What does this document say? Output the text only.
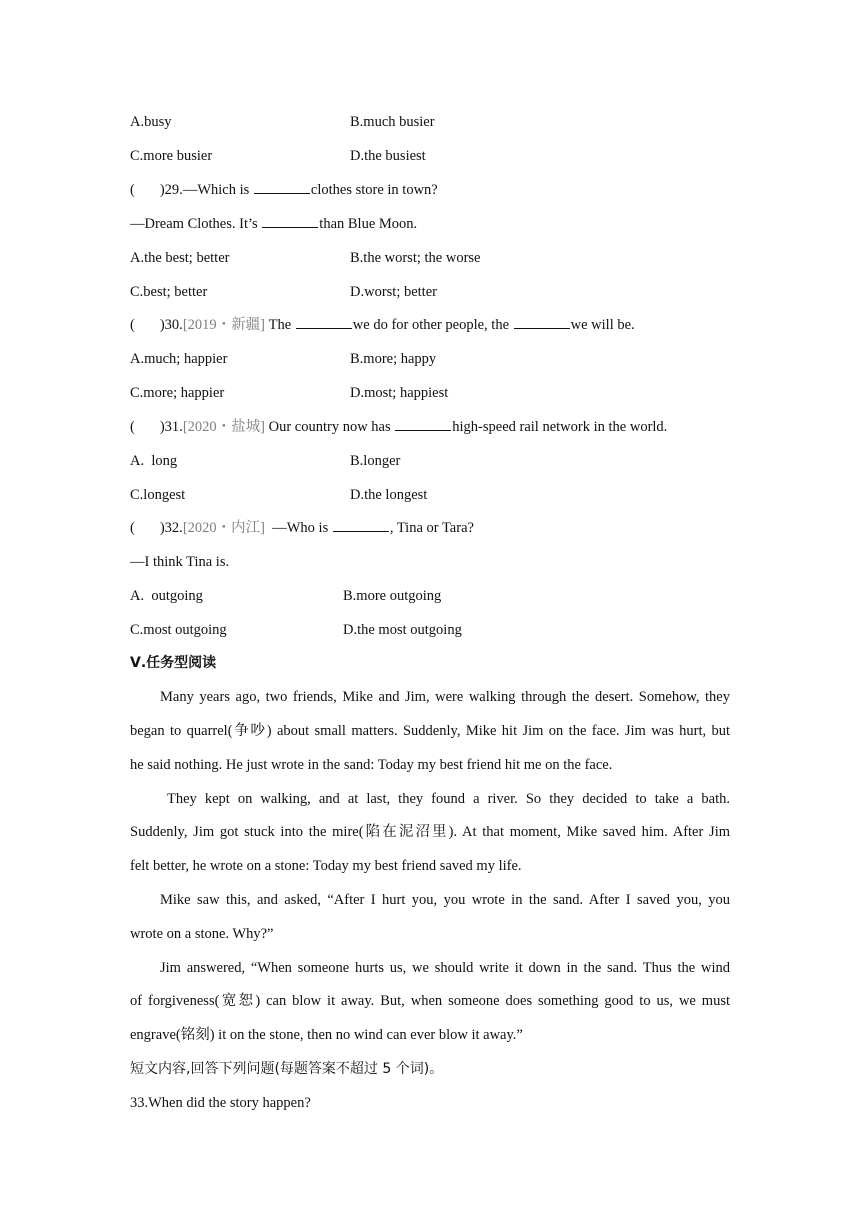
A.busy	B.much busier
C.more busier	D.the busiest
( )29.—Which is	clothes store in town?
—Dream Clothes. It’s	than Blue Moon.
A.the best; better	B.the worst; the worse
C.best; better	D.worst; better
( )30.[2019・新疆] The	we do for other people, the	we will be.
A.much; happier	B.more; happy
C.more; happier	D.most; happiest
( )31.[2020・盐城] Our country now has	high-speed rail network in the world.
A.  long	B.longer
C.longest	D.the longest
( )32.[2020・内江]  —Who is	, Tina or Tara?
—I think Tina is.
A.  outgoing	B.more outgoing
C.most outgoing	D.the most outgoing
Ⅴ.任务型阅读
Many years ago, two friends, Mike and Jim, were walking through the desert. Somehow, they
began to quarrel(争吵) about small matters. Suddenly, Mike hit Jim on the face. Jim was hurt, but
he said nothing. He just wrote in the sand: Today my best friend hit me on the face.
They kept on walking, and at last, they found a river. So they decided to take a bath.
Suddenly, Jim got stuck into the mire(陷在泥沼里). At that moment, Mike saved him. After Jim
felt better, he wrote on a stone: Today my best friend saved my life.
Mike saw this, and asked, “After I hurt you, you wrote in the sand. After I saved you, you
wrote on a stone. Why?”
Jim answered, “When someone hurts us, we should write it down in the sand. Thus the wind
of forgiveness(宽恕) can blow it away. But, when someone does something good to us, we must
engrave(铭刻) it on the stone, then no wind can ever blow it away.”
短文内容,回答下列问题(每题答案不超过 5 个词)。
33.When did the story happen?
